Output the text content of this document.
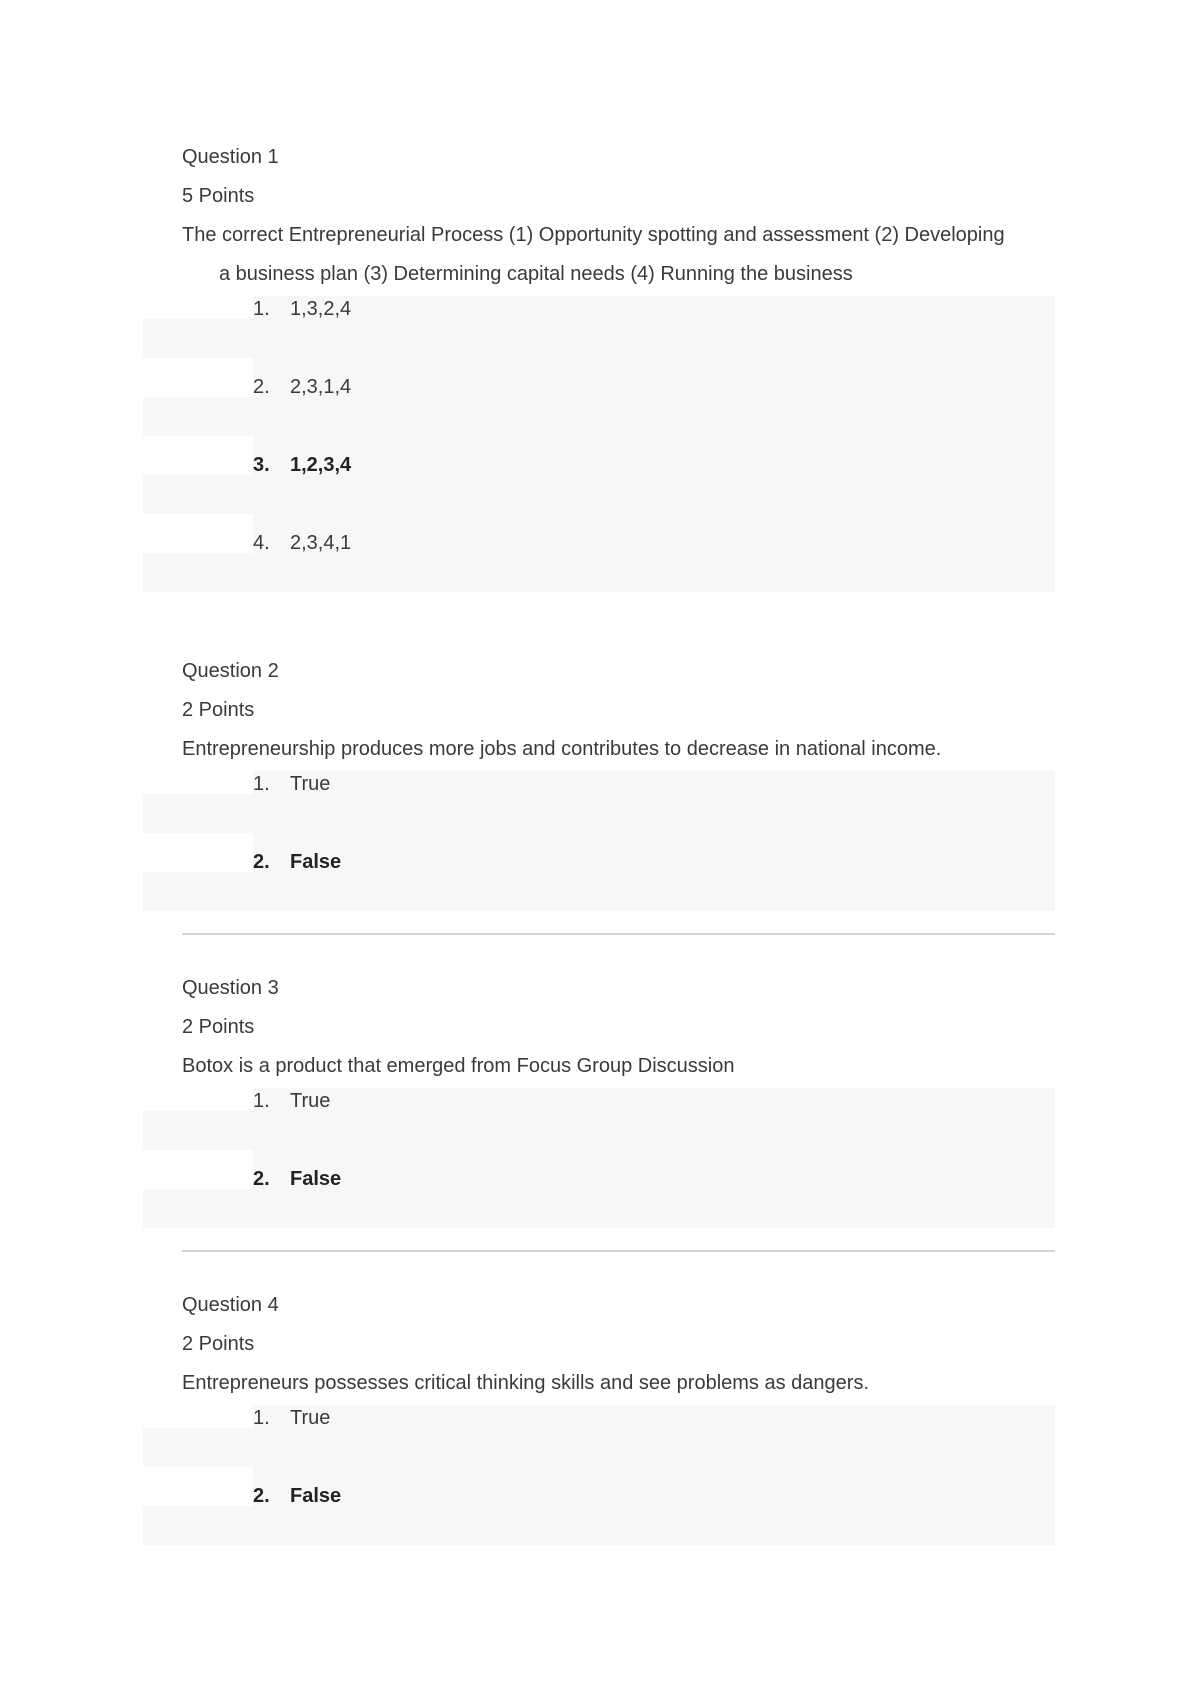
Question 1
5 Points
The correct Entrepreneurial Process (1) Opportunity spotting and assessment (2) Developing
a business plan (3) Determining capital needs (4) Running the business
1. 1,3,2,4
2. 2,3,1,4
3. 1,2,3,4
4. 2,3,4,1
Question 2
2 Points
Entrepreneurship produces more jobs and contributes to decrease in national income.
1. True
2. False
Question 3
2 Points
Botox is a product that emerged from Focus Group Discussion
1. True
2. False
Question 4
2 Points
Entrepreneurs possesses critical thinking skills and see problems as dangers.
1. True
2. False
